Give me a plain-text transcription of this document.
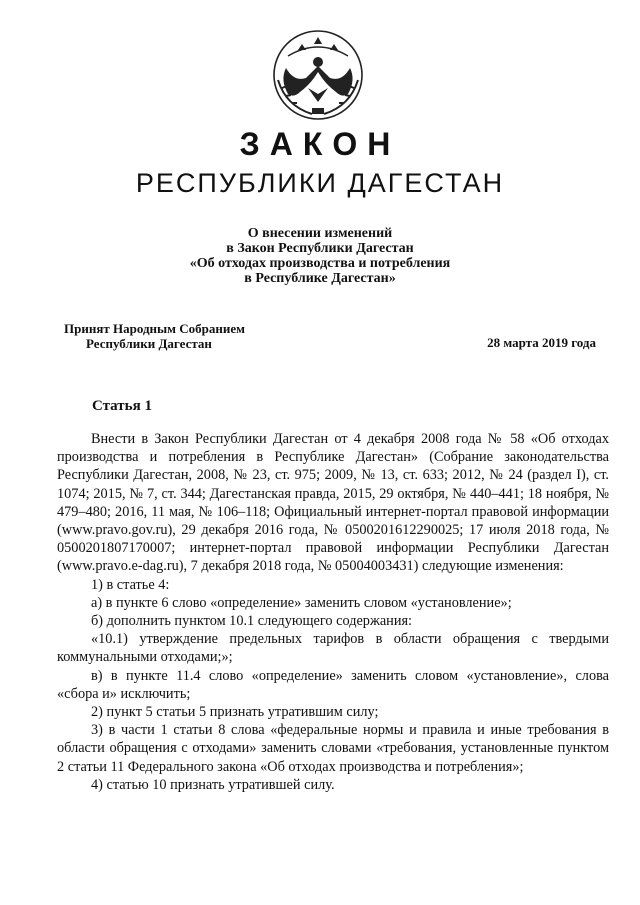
ЗАКОН
РЕСПУБЛИКИ ДАГЕСТАН
О внесении изменений
в Закон Республики Дагестан
«Об отходах производства и потребления
в Республике Дагестан»
Принят Народным Собранием
Республики Дагестан	28 марта 2019 года
Статья 1
Внести в Закон Республики Дагестан от 4 декабря 2008 года № 58 «Об отходах производства и потребления в Республике Дагестан» (Собрание законодательства Республики Дагестан, 2008, № 23, ст. 975; 2009, № 13, ст. 633; 2012, № 24 (раздел I), ст. 1074; 2015, № 7, ст. 344; Дагестанская правда, 2015, 29 октября, № 440–441; 18 ноября, № 479–480; 2016, 11 мая, № 106–118; Официальный интернет-портал правовой информации (www.pravo.gov.ru), 29 декабря 2016 года, № 0500201612290025; 17 июля 2018 года, № 0500201807170007; интернет-портал правовой информации Республики Дагестан (www.pravo.e-dag.ru), 7 декабря 2018 года, № 05004003431) следующие изменения:
1) в статье 4:
а) в пункте 6 слово «определение» заменить словом «установление»;
б) дополнить пунктом 10.1 следующего содержания:
«10.1) утверждение предельных тарифов в области обращения с твердыми коммунальными отходами;»;
в) в пункте 11.4 слово «определение» заменить словом «установление», слова «сбора и» исключить;
2) пункт 5 статьи 5 признать утратившим силу;
3) в части 1 статьи 8 слова «федеральные нормы и правила и иные требования в области обращения с отходами» заменить словами «требования, установленные пунктом 2 статьи 11 Федерального закона «Об отходах производства и потребления»;
4) статью 10 признать утратившей силу.
